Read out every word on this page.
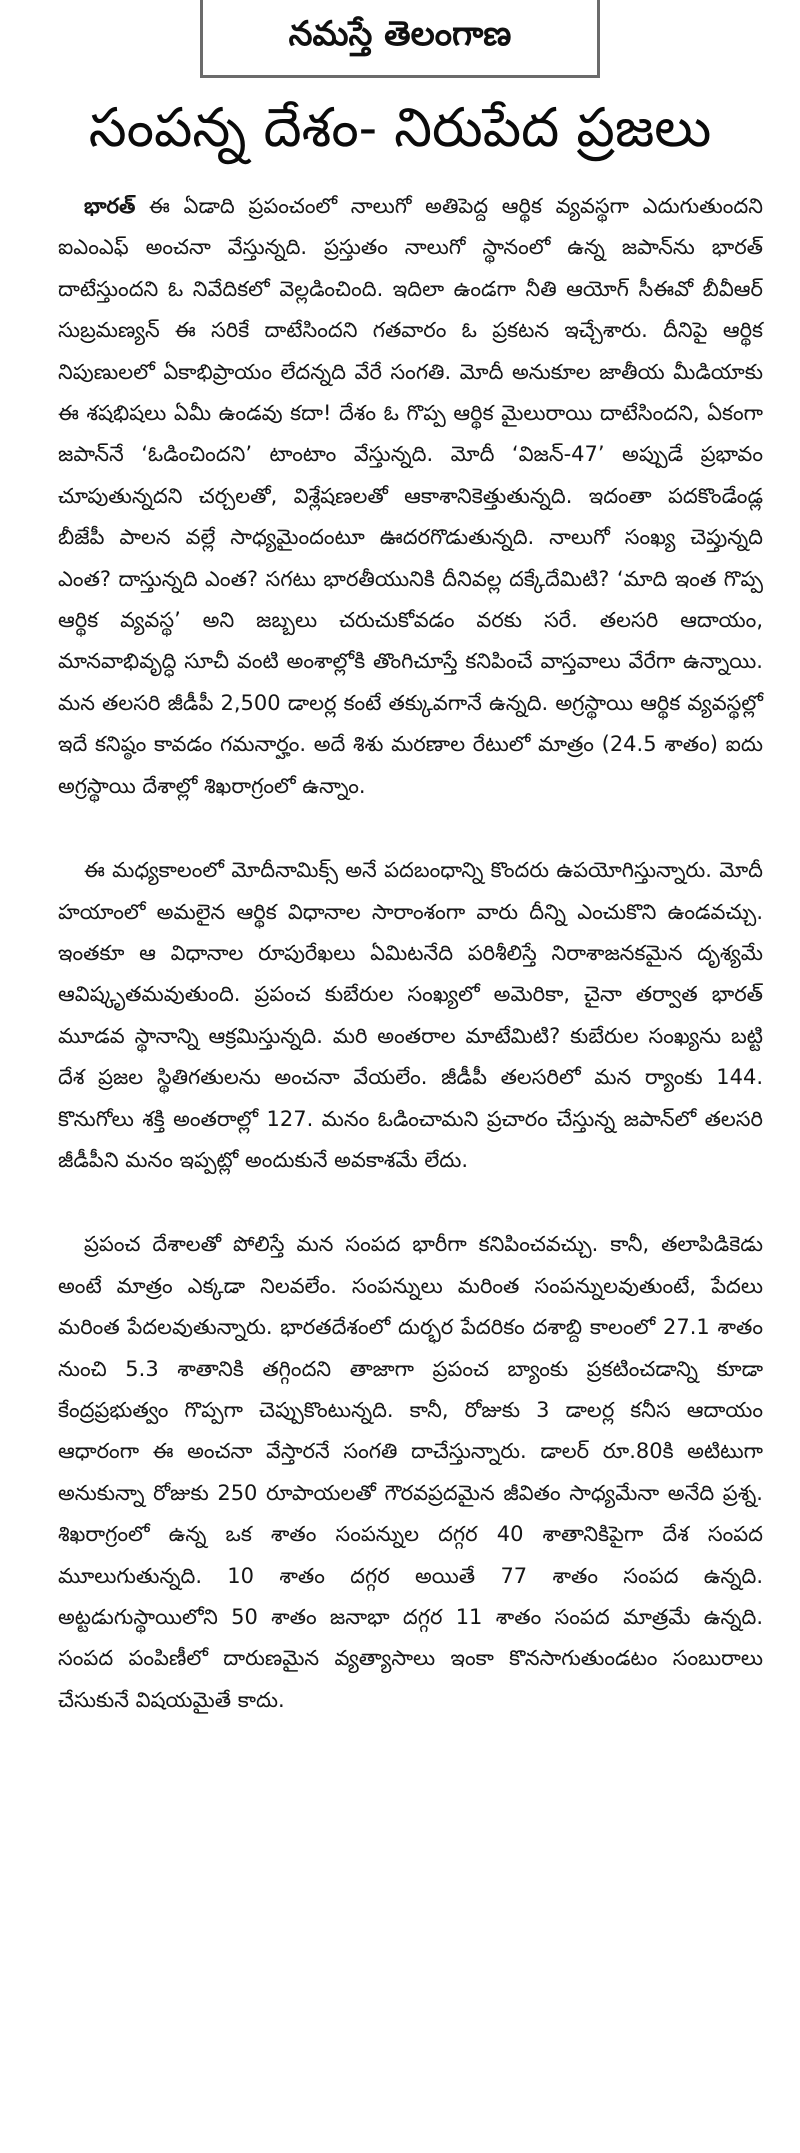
నమస్తే తెలంగాణ
సంపన్న దేశం- నిరుపేద ప్రజలు

భారత్ ఈ ఏడాది ప్రపంచంలో నాలుగో అతిపెద్ద ఆర్థిక వ్యవస్థగా ఎదుగుతుందని ఐఎంఎఫ్ అంచనా వేస్తున్నది. ప్రస్తుతం నాలుగో స్థానంలో ఉన్న జపాన్‌ను భారత్ దాటేస్తుందని ఓ నివేదికలో వెల్లడించింది. ఇదిలా ఉండగా నీతి ఆయోగ్ సీఈవో బీవీఆర్ సుబ్రమణ్యన్ ఈ సరికే దాటేసిందని గతవారం ఓ ప్రకటన ఇచ్చేశారు. దీనిపై ఆర్థిక నిపుణులలో ఏకాభిప్రాయం లేదన్నది వేరే సంగతి. మోదీ అనుకూల జాతీయ మీడియాకు ఈ శషభిషలు ఏమీ ఉండవు కదా! దేశం ఓ గొప్ప ఆర్థిక మైలురాయి దాటేసిందని, ఏకంగా జపాన్‌నే ‘ఓడించిందని’ టాంటాం వేస్తున్నది. మోదీ ‘విజన్-47’ అప్పుడే ప్రభావం చూపుతున్నదని చర్చలతో, విశ్లేషణలతో ఆకాశానికెత్తుతున్నది. ఇదంతా పదకొండేండ్ల బీజేపీ పాలన వల్లే సాధ్యమైందంటూ ఊదరగొడుతున్నది. నాలుగో సంఖ్య చెప్తున్నది ఎంత? దాస్తున్నది ఎంత? సగటు భారతీయునికి దీనివల్ల దక్కేదేమిటి? ‘మాది ఇంత గొప్ప ఆర్థిక వ్యవస్థ’ అని జబ్బలు చరుచుకోవడం వరకు సరే. తలసరి ఆదాయం, మానవాభివృద్ధి సూచీ వంటి అంశాల్లోకి తొంగిచూస్తే కనిపించే వాస్తవాలు వేరేగా ఉన్నాయి. మన తలసరి జీడీపీ 2,500 డాలర్ల కంటే తక్కువగానే ఉన్నది. అగ్రస్థాయి ఆర్థిక వ్యవస్థల్లో ఇదే కనిష్ఠం కావడం గమనార్హం. అదే శిశు మరణాల రేటులో మాత్రం (24.5 శాతం) ఐదు అగ్రస్థాయి దేశాల్లో శిఖరాగ్రంలో ఉన్నాం.

ఈ మధ్యకాలంలో మోదీనామిక్స్ అనే పదబంధాన్ని కొందరు ఉపయోగిస్తున్నారు. మోదీ హయాంలో అమలైన ఆర్థిక విధానాల సారాంశంగా వారు దీన్ని ఎంచుకొని ఉండవచ్చు. ఇంతకూ ఆ విధానాల రూపురేఖలు ఏమిటనేది పరిశీలిస్తే నిరాశాజనకమైన దృశ్యమే ఆవిష్కృతమవుతుంది. ప్రపంచ కుబేరుల సంఖ్యలో అమెరికా, చైనా తర్వాత భారత్ మూడవ స్థానాన్ని ఆక్రమిస్తున్నది. మరి అంతరాల మాటేమిటి? కుబేరుల సంఖ్యను బట్టి దేశ ప్రజల స్థితిగతులను అంచనా వేయలేం. జీడీపీ తలసరిలో మన ర్యాంకు 144. కొనుగోలు శక్తి అంతరాల్లో 127. మనం ఓడించామని ప్రచారం చేస్తున్న జపాన్‌లో తలసరి జీడీపీని మనం ఇప్పట్లో అందుకునే అవకాశమే లేదు.

ప్రపంచ దేశాలతో పోలిస్తే మన సంపద భారీగా కనిపించవచ్చు. కానీ, తలాపిడికెడు అంటే మాత్రం ఎక్కడా నిలవలేం. సంపన్నులు మరింత సంపన్నులవుతుంటే, పేదలు మరింత పేదలవుతున్నారు. భారతదేశంలో దుర్భర పేదరికం దశాబ్ది కాలంలో 27.1 శాతం నుంచి 5.3 శాతానికి తగ్గిందని తాజాగా ప్రపంచ బ్యాంకు ప్రకటించడాన్ని కూడా కేంద్రప్రభుత్వం గొప్పగా చెప్పుకొంటున్నది. కానీ, రోజుకు 3 డాలర్ల కనీస ఆదాయం ఆధారంగా ఈ అంచనా వేస్తారనే సంగతి దాచేస్తున్నారు. డాలర్ రూ.80కి అటిటుగా అనుకున్నా రోజుకు 250 రూపాయలతో గౌరవప్రదమైన జీవితం సాధ్యమేనా అనేది ప్రశ్న. శిఖరాగ్రంలో ఉన్న ఒక శాతం సంపన్నుల దగ్గర 40 శాతానికిపైగా దేశ సంపద మూలుగుతున్నది. 10 శాతం దగ్గర అయితే 77 శాతం సంపద ఉన్నది. అట్టడుగుస్థాయిలోని 50 శాతం జనాభా దగ్గర 11 శాతం సంపద మాత్రమే ఉన్నది. సంపద పంపిణీలో దారుణమైన వ్యత్యాసాలు ఇంకా కొనసాగుతుండటం సంబురాలు చేసుకునే విషయమైతే కాదు.
